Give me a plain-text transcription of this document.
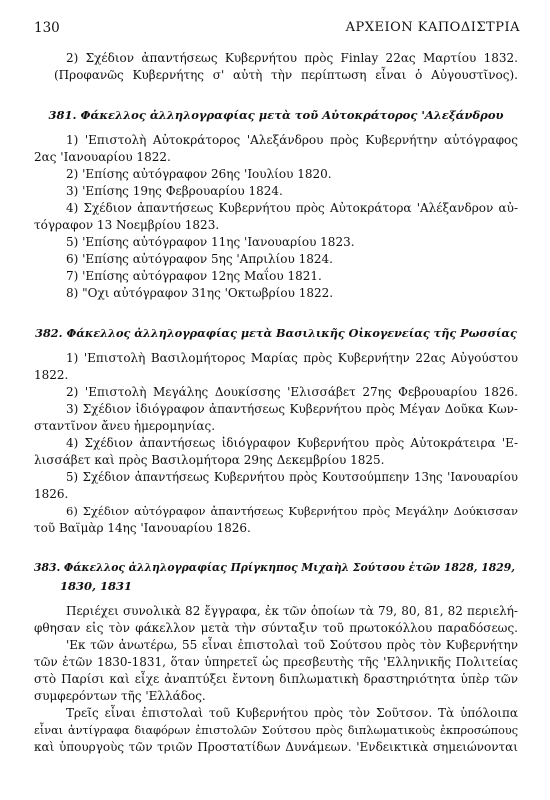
130	ΑΡΧΕΙΟΝ ΚΑΠΟΔΙΣΤΡΙΑ
2) Σχέδιον ἀπαντήσεως Κυβερνήτου πρὸς Finlay 22ας Μαρτίου 1832.
(Προφανῶς Κυβερνήτης σ' αὐτὴ τὴν περίπτωση εἶναι ὁ Αὐγουστῖνος).
381. Φάκελλος ἀλληλογραφίας μετὰ τοῦ Αὐτοκράτορος 'Αλεξάνδρου
1) 'Επιστολὴ Αὐτοκράτορος 'Αλεξάνδρου πρὸς Κυβερνήτην αὐτόγραφος
2ας 'Ιανουαρίου 1822.
2) 'Επίσης αὐτόγραφον 26ης 'Ιουλίου 1820.
3) 'Επίσης 19ης Φεβρουαρίου 1824.
4) Σχέδιον ἀπαντήσεως Κυβερνήτου πρὸς Αὐτοκράτορα 'Αλέξανδρον αὐ-
τόγραφον 13 Νοεμβρίου 1823.
5) 'Επίσης αὐτόγραφον 11ης 'Ιανουαρίου 1823.
6) 'Επίσης αὐτόγραφον 5ης 'Απριλίου 1824.
7) 'Επίσης αὐτόγραφον 12ης Μαΐου 1821.
8) "Οχι αὐτόγραφον 31ης 'Οκτωβρίου 1822.
382. Φάκελλος ἀλληλογραφίας μετὰ Βασιλικῆς Οἰκογενείας τῆς Ρωσσίας
1) 'Επιστολὴ Βασιλομήτορος Μαρίας πρὸς Κυβερνήτην 22ας Αὐγούστου
1822.
2) 'Επιστολὴ Μεγάλης Δουκίσσης 'Ελισσάβετ 27ης Φεβρουαρίου 1826.
3) Σχέδιον ἰδιόγραφον ἀπαντήσεως Κυβερνήτου πρὸς Μέγαν Δοῦκα Κων-
σταντῖνον ἄνευ ἡμερομηνίας.
4) Σχέδιον ἀπαντήσεως ἰδιόγραφον Κυβερνήτου πρὸς Αὐτοκράτειρα 'Ε-
λισσάβετ καὶ πρὸς Βασιλομήτορα 29ης Δεκεμβρίου 1825.
5) Σχέδιον ἀπαντήσεως Κυβερνήτου πρὸς Κουτσούμπεην 13ης 'Ιανουαρίου
1826.
6) Σχέδιον αὐτόγραφον ἀπαντήσεως Κυβερνήτου πρὸς Μεγάλην Δούκισσαν
τοῦ Βαϊμὰρ 14ης 'Ιανουαρίου 1826.
383. Φάκελλος ἀλληλογραφίας Πρίγκηπος Μιχαὴλ Σούτσου ἐτῶν 1828, 1829,
1830, 1831
Περιέχει συνολικὰ 82 ἔγγραφα, ἐκ τῶν ὁποίων τὰ 79, 80, 81, 82 περιελή-
φθησαν εἰς τὸν φάκελλον μετὰ τὴν σύνταξιν τοῦ πρωτοκόλλου παραδόσεως.
'Εκ τῶν ἀνωτέρω, 55 εἶναι ἐπιστολαὶ τοῦ Σούτσου πρὸς τὸν Κυβερνήτην
τῶν ἐτῶν 1830-1831, ὅταν ὑπηρετεῖ ὡς πρεσβευτὴς τῆς 'Ελληνικῆς Πολιτείας
στὸ Παρίσι καὶ εἶχε ἀναπτύξει ἔντονη διπλωματικὴ δραστηριότητα ὑπὲρ τῶν
συμφερόντων τῆς 'Ελλάδος.
Τρεῖς εἶναι ἐπιστολαὶ τοῦ Κυβερνήτου πρὸς τὸν Σοῦτσον. Τὰ ὑπόλοιπα
εἶναι ἀντίγραφα διαφόρων ἐπιστολῶν Σούτσου πρὸς διπλωματικοὺς ἐκπροσώπους
καὶ ὑπουργοὺς τῶν τριῶν Προστατίδων Δυνάμεων. 'Ενδεικτικὰ σημειώνονται
